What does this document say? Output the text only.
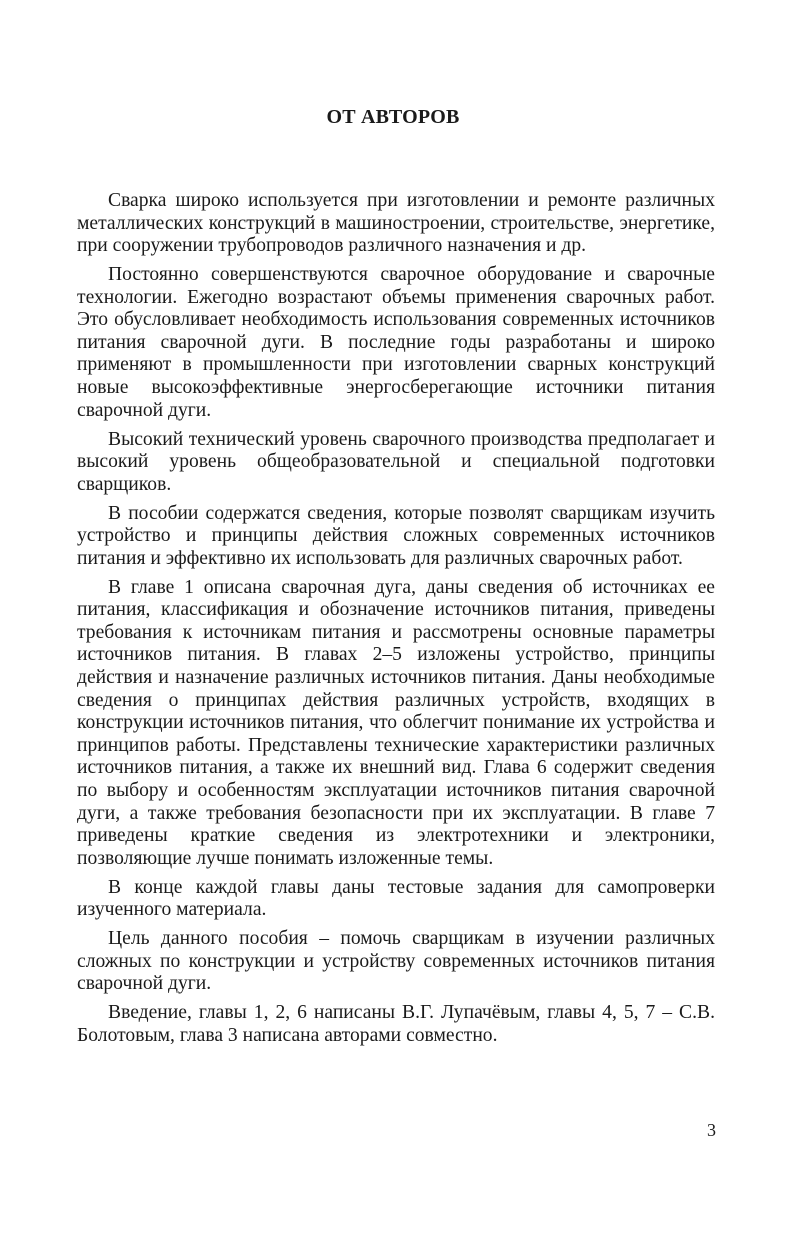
ОТ АВТОРОВ

Сварка широко используется при изготовлении и ремонте различных металлических конструкций в машиностроении, строительстве, энергетике, при сооружении трубопроводов различного назначения и др.

Постоянно совершенствуются сварочное оборудование и сварочные технологии. Ежегодно возрастают объемы применения сварочных работ. Это обусловливает необходимость использования современных источников питания сварочной дуги. В последние годы разработаны и широко применяют в промышленности при изготовлении сварных конструкций новые высокоэффективные энергосберегающие источники питания сварочной дуги.

Высокий технический уровень сварочного производства предполагает и высокий уровень общеобразовательной и специальной подготовки сварщиков.

В пособии содержатся сведения, которые позволят сварщикам изучить устройство и принципы действия сложных современных источников питания и эффективно их использовать для различных сварочных работ.

В главе 1 описана сварочная дуга, даны сведения об источниках ее питания, классификация и обозначение источников питания, приведены требования к источникам питания и рассмотрены основные параметры источников питания. В главах 2–5 изложены устройство, принципы действия и назначение различных источников питания. Даны необходимые сведения о принципах действия различных устройств, входящих в конструкции источников питания, что облегчит понимание их устройства и принципов работы. Представлены технические характеристики различных источников питания, а также их внешний вид. Глава 6 содержит сведения по выбору и особенностям эксплуатации источников питания сварочной дуги, а также требования безопасности при их эксплуатации. В главе 7 приведены краткие сведения из электротехники и электроники, позволяющие лучше понимать изложенные темы.

В конце каждой главы даны тестовые задания для самопроверки изученного материала.

Цель данного пособия – помочь сварщикам в изучении различных сложных по конструкции и устройству современных источников питания сварочной дуги.

Введение, главы 1, 2, 6 написаны В.Г. Лупачёвым, главы 4, 5, 7 – С.В. Болотовым, глава 3 написана авторами совместно.

3
